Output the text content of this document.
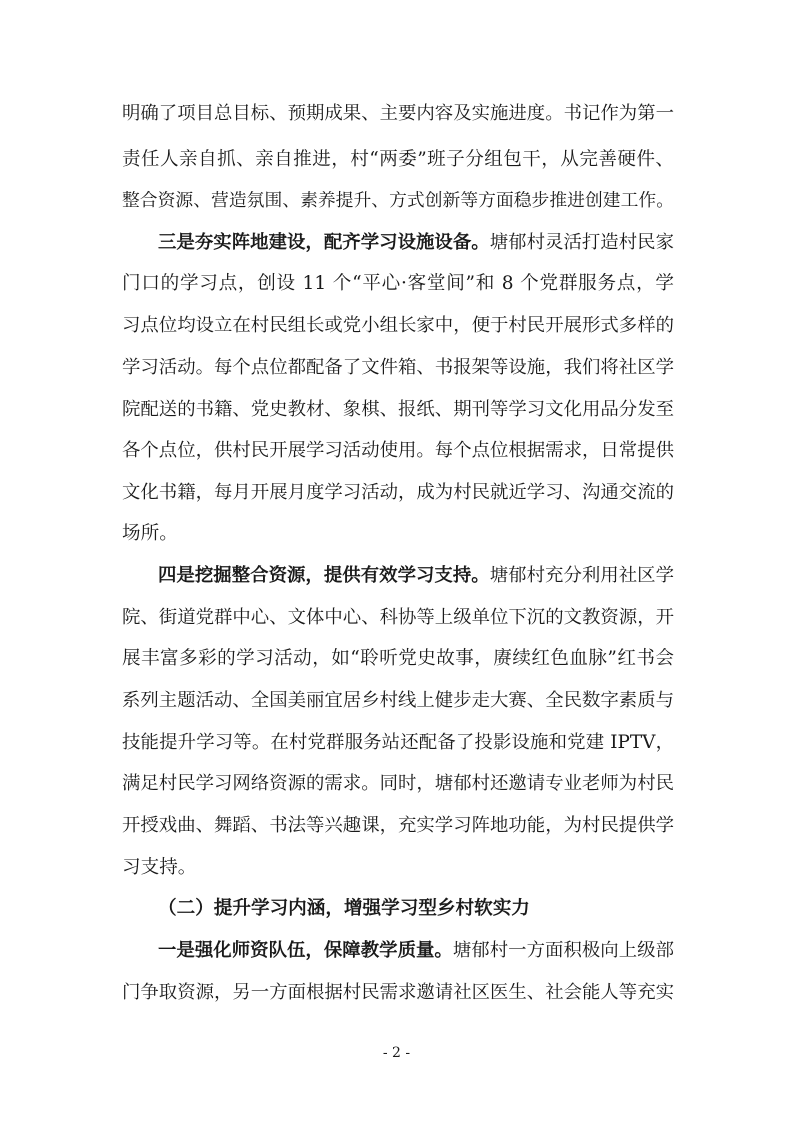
明确了项目总目标、预期成果、主要内容及实施进度。书记作为第一
责任人亲自抓、亲自推进，村“两委”班子分组包干，从完善硬件、
整合资源、营造氛围、素养提升、方式创新等方面稳步推进创建工作。
三是夯实阵地建设，配齐学习设施设备。塘郁村灵活打造村民家
门口的学习点，创设 11 个“平心·客堂间”和 8 个党群服务点，学
习点位均设立在村民组长或党小组长家中，便于村民开展形式多样的
学习活动。每个点位都配备了文件箱、书报架等设施，我们将社区学
院配送的书籍、党史教材、象棋、报纸、期刊等学习文化用品分发至
各个点位，供村民开展学习活动使用。每个点位根据需求，日常提供
文化书籍，每月开展月度学习活动，成为村民就近学习、沟通交流的
场所。
四是挖掘整合资源，提供有效学习支持。塘郁村充分利用社区学
院、街道党群中心、文体中心、科协等上级单位下沉的文教资源，开
展丰富多彩的学习活动，如“聆听党史故事，赓续红色血脉”红书会
系列主题活动、全国美丽宜居乡村线上健步走大赛、全民数字素质与
技能提升学习等。在村党群服务站还配备了投影设施和党建 IPTV，
满足村民学习网络资源的需求。同时，塘郁村还邀请专业老师为村民
开授戏曲、舞蹈、书法等兴趣课，充实学习阵地功能，为村民提供学
习支持。
（二）提升学习内涵，增强学习型乡村软实力
一是强化师资队伍，保障教学质量。塘郁村一方面积极向上级部
门争取资源，另一方面根据村民需求邀请社区医生、社会能人等充实
- 2 -
